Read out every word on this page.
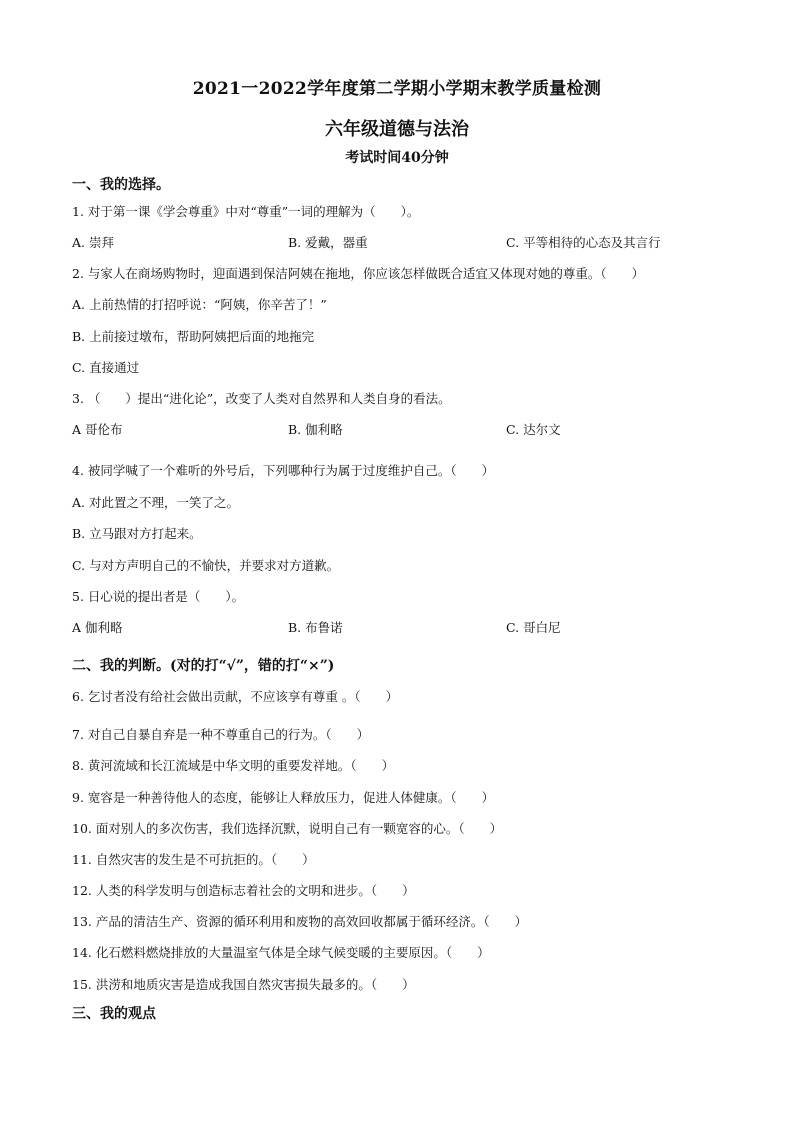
2021一2022学年度第二学期小学期末教学质量检测
六年级道德与法治
考试时间40分钟
一、我的选择。
1. 对于第一课《学会尊重》中对“尊重”一词的理解为（　　）。
A. 崇拜	B. 爱戴，器重	C. 平等相待的心态及其言行
2. 与家人在商场购物时，迎面遇到保洁阿姨在拖地，你应该怎样做既合适宜又体现对她的尊重。（　　）
A. 上前热情的打招呼说：“阿姨，你辛苦了！”
B. 上前接过墩布，帮助阿姨把后面的地拖完
C. 直接通过
3. （　　）提出“进化论”，改变了人类对自然界和人类自身的看法。
A 哥伦布	B. 伽利略	C. 达尔文
4. 被同学喊了一个难听的外号后，下列哪种行为属于过度维护自己。（　　）
A. 对此置之不理，一笑了之。
B. 立马跟对方打起来。
C. 与对方声明自己的不愉快，并要求对方道歉。
5. 日心说的提出者是（　　）。
A 伽利略	B. 布鲁诺	C. 哥白尼
二、我的判断。(对的打“√”，错的打“×”)
6. 乞讨者没有给社会做出贡献，不应该享有尊重 。（　　）
7. 对自己自暴自弃是一种不尊重自己的行为。（　　）
8. 黄河流域和长江流域是中华文明的重要发祥地。（　　）
9. 宽容是一种善待他人的态度，能够让人释放压力，促进人体健康。（　　）
10. 面对别人的多次伤害，我们选择沉默，说明自己有一颗宽容的心。（　　）
11. 自然灾害的发生是不可抗拒的。（　　）
12. 人类的科学发明与创造标志着社会的文明和进步。（　　）
13. 产品的清洁生产、资源的循环利用和废物的高效回收都属于循环经济。（　　）
14. 化石燃料燃烧排放的大量温室气体是全球气候变暖的主要原因。（　　）
15. 洪涝和地质灾害是造成我国自然灾害损失最多的。（　　）
三、我的观点
